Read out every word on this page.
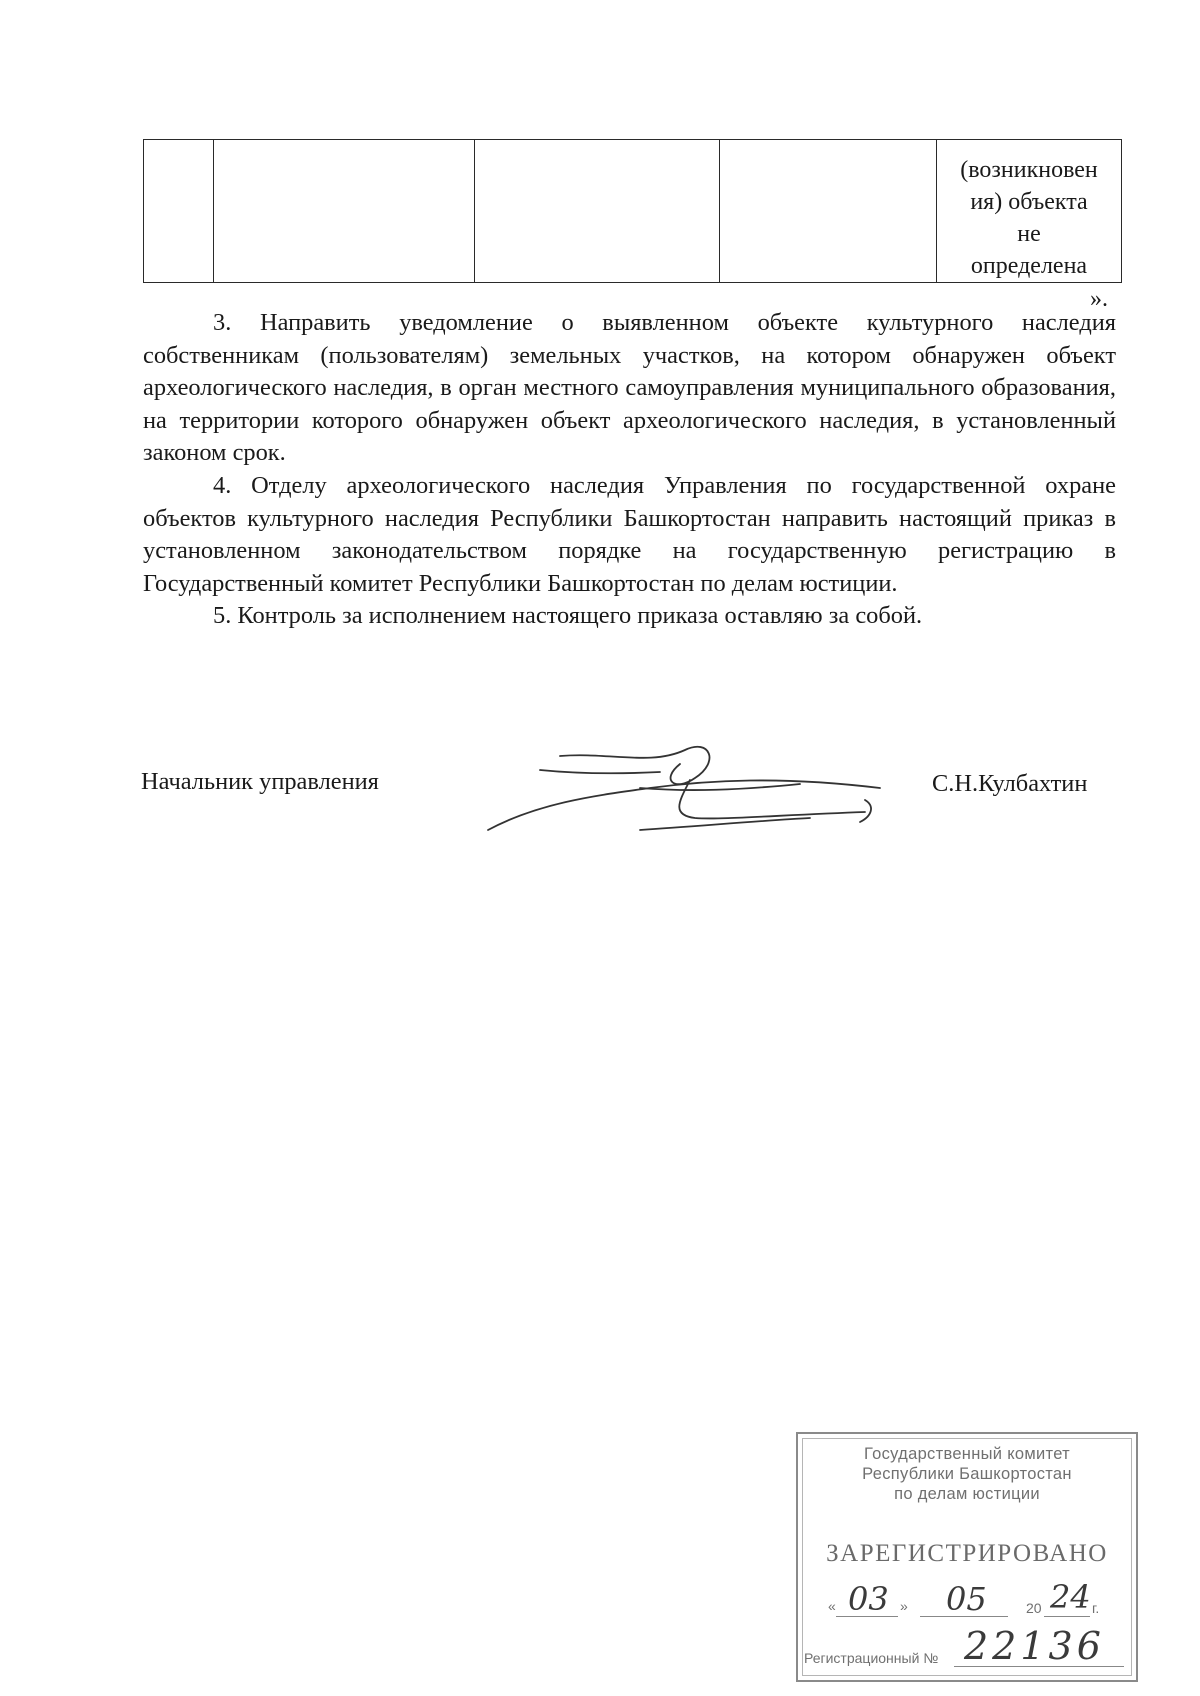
(возникновен
ия) объекта
не
определена
».

3. Направить уведомление о выявленном объекте культурного наследия собственникам (пользователям) земельных участков, на котором обнаружен объект археологического наследия, в орган местного самоуправления муниципального образования, на территории которого обнаружен объект археологического наследия, в установленный законом срок.

4. Отделу археологического наследия Управления по государственной охране объектов культурного наследия Республики Башкортостан направить настоящий приказ в установленном законодательством порядке на государственную регистрацию в Государственный комитет Республики Башкортостан по делам юстиции.

5. Контроль за исполнением настоящего приказа оставляю за собой.

Начальник управления	С.Н.Кулбахтин
Государственный комитет
Республики Башкортостан
по делам юстиции
ЗАРЕГИСТРИРОВАНО
« 03 » 05	20 24 г.
Регистрационный № 22136
